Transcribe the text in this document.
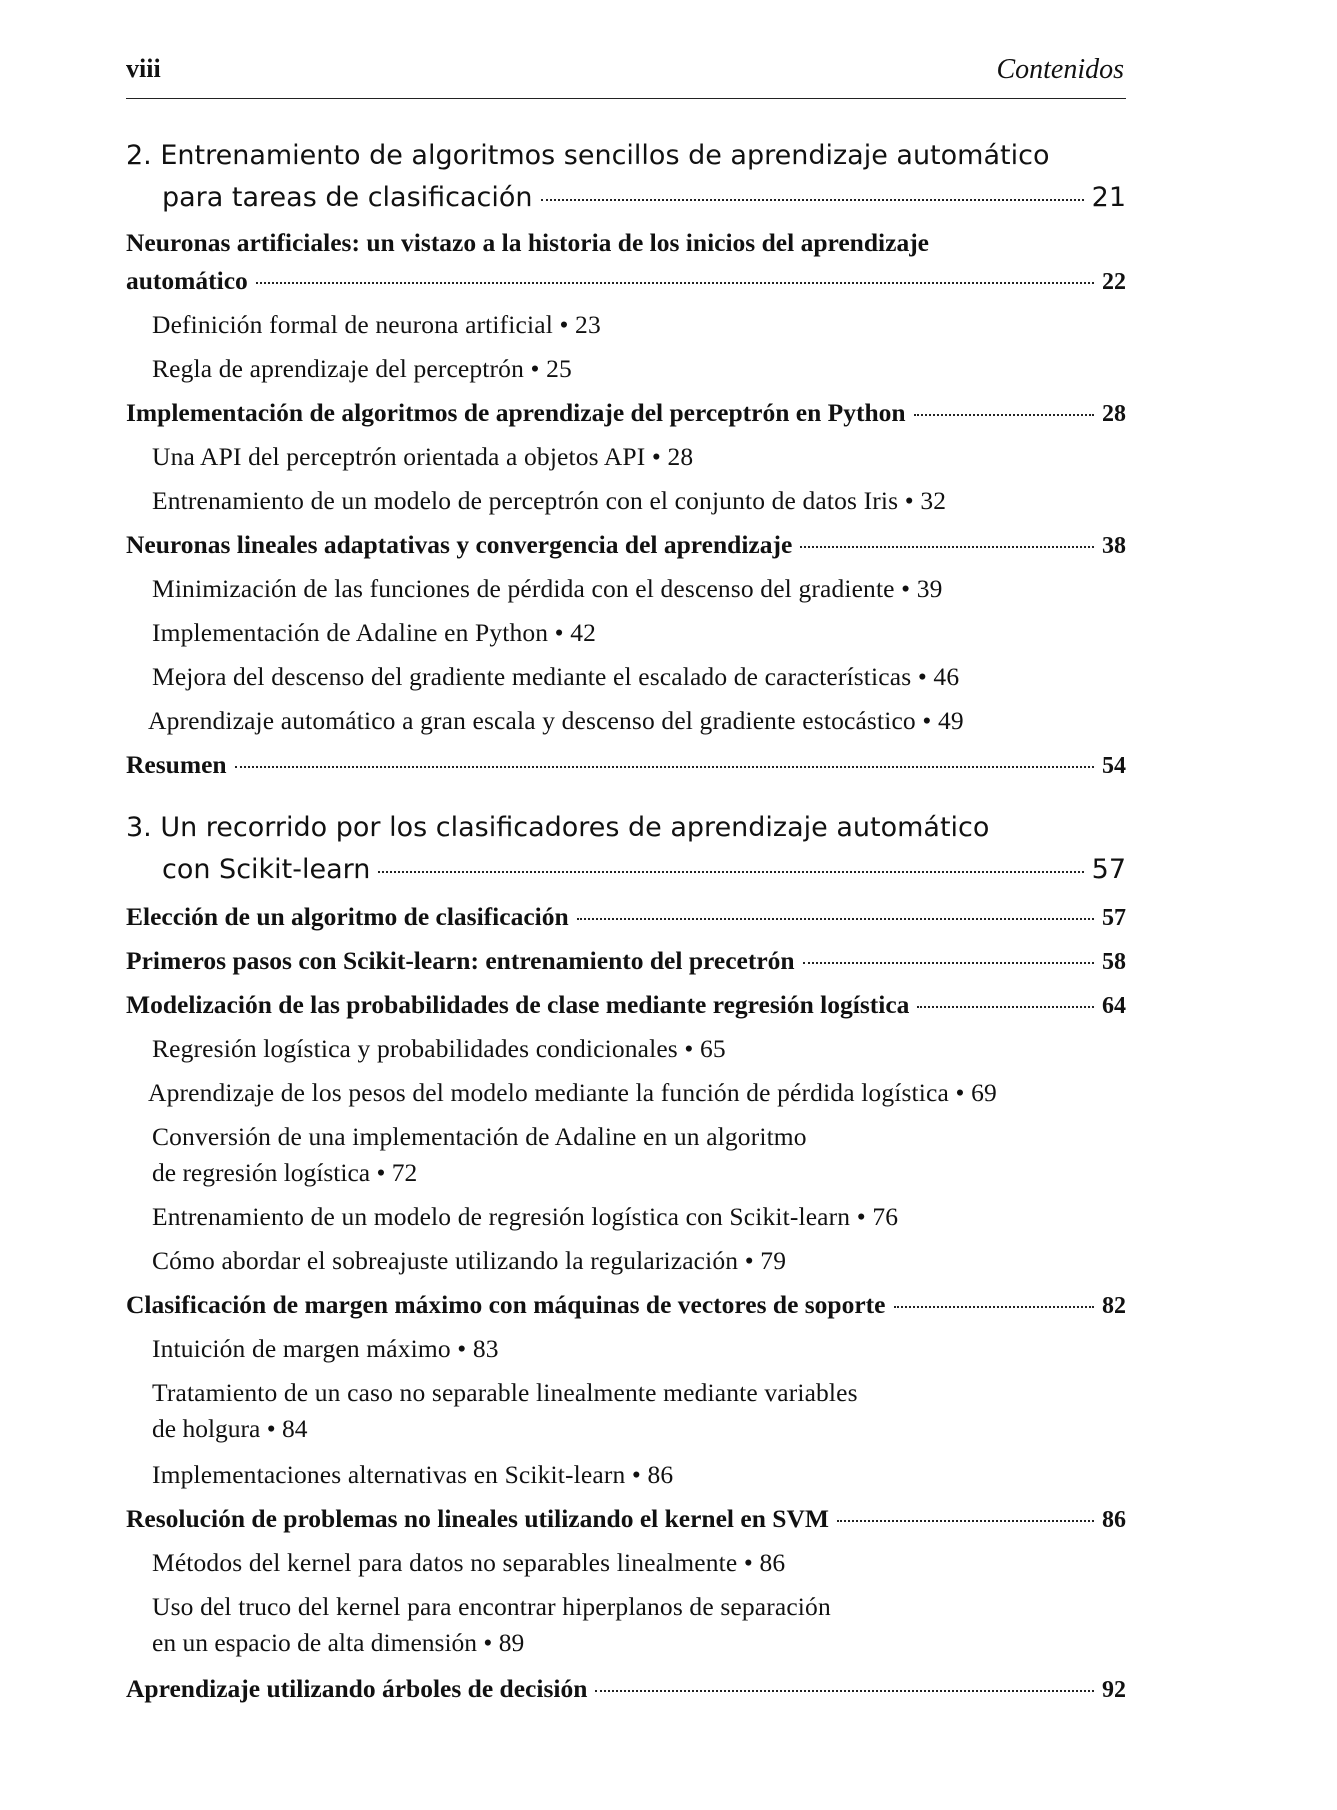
viii	Contenidos
2. Entrenamiento de algoritmos sencillos de aprendizaje automático
para tareas de clasificación	21
Neuronas artificiales: un vistazo a la historia de los inicios del aprendizaje
automático	22
Definición formal de neurona artificial • 23
Regla de aprendizaje del perceptrón • 25
Implementación de algoritmos de aprendizaje del perceptrón en Python	28
Una API del perceptrón orientada a objetos API • 28
Entrenamiento de un modelo de perceptrón con el conjunto de datos Iris • 32
Neuronas lineales adaptativas y convergencia del aprendizaje	38
Minimización de las funciones de pérdida con el descenso del gradiente • 39
Implementación de Adaline en Python • 42
Mejora del descenso del gradiente mediante el escalado de características • 46
Aprendizaje automático a gran escala y descenso del gradiente estocástico • 49
Resumen	54
3. Un recorrido por los clasificadores de aprendizaje automático
con Scikit-learn	57
Elección de un algoritmo de clasificación	57
Primeros pasos con Scikit-learn: entrenamiento del precetrón	58
Modelización de las probabilidades de clase mediante regresión logística	64
Regresión logística y probabilidades condicionales • 65
Aprendizaje de los pesos del modelo mediante la función de pérdida logística • 69
Conversión de una implementación de Adaline en un algoritmo
de regresión logística • 72
Entrenamiento de un modelo de regresión logística con Scikit-learn • 76
Cómo abordar el sobreajuste utilizando la regularización • 79
Clasificación de margen máximo con máquinas de vectores de soporte	82
Intuición de margen máximo • 83
Tratamiento de un caso no separable linealmente mediante variables
de holgura • 84
Implementaciones alternativas en Scikit-learn • 86
Resolución de problemas no lineales utilizando el kernel en SVM	86
Métodos del kernel para datos no separables linealmente • 86
Uso del truco del kernel para encontrar hiperplanos de separación
en un espacio de alta dimensión • 89
Aprendizaje utilizando árboles de decisión	92
